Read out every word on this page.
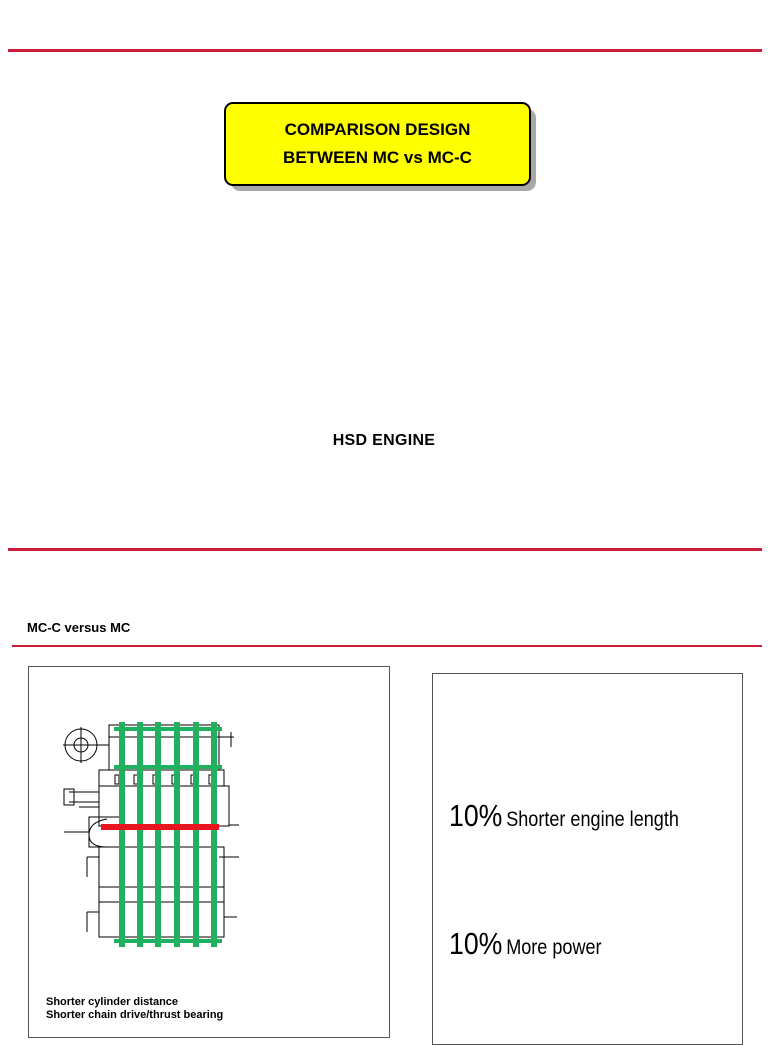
COMPARISON DESIGN
BETWEEN MC vs MC-C
HSD ENGINE
MC-C versus MC
Shorter cylinder distance
Shorter chain drive/thrust bearing
10% Shorter engine length
10% More power
